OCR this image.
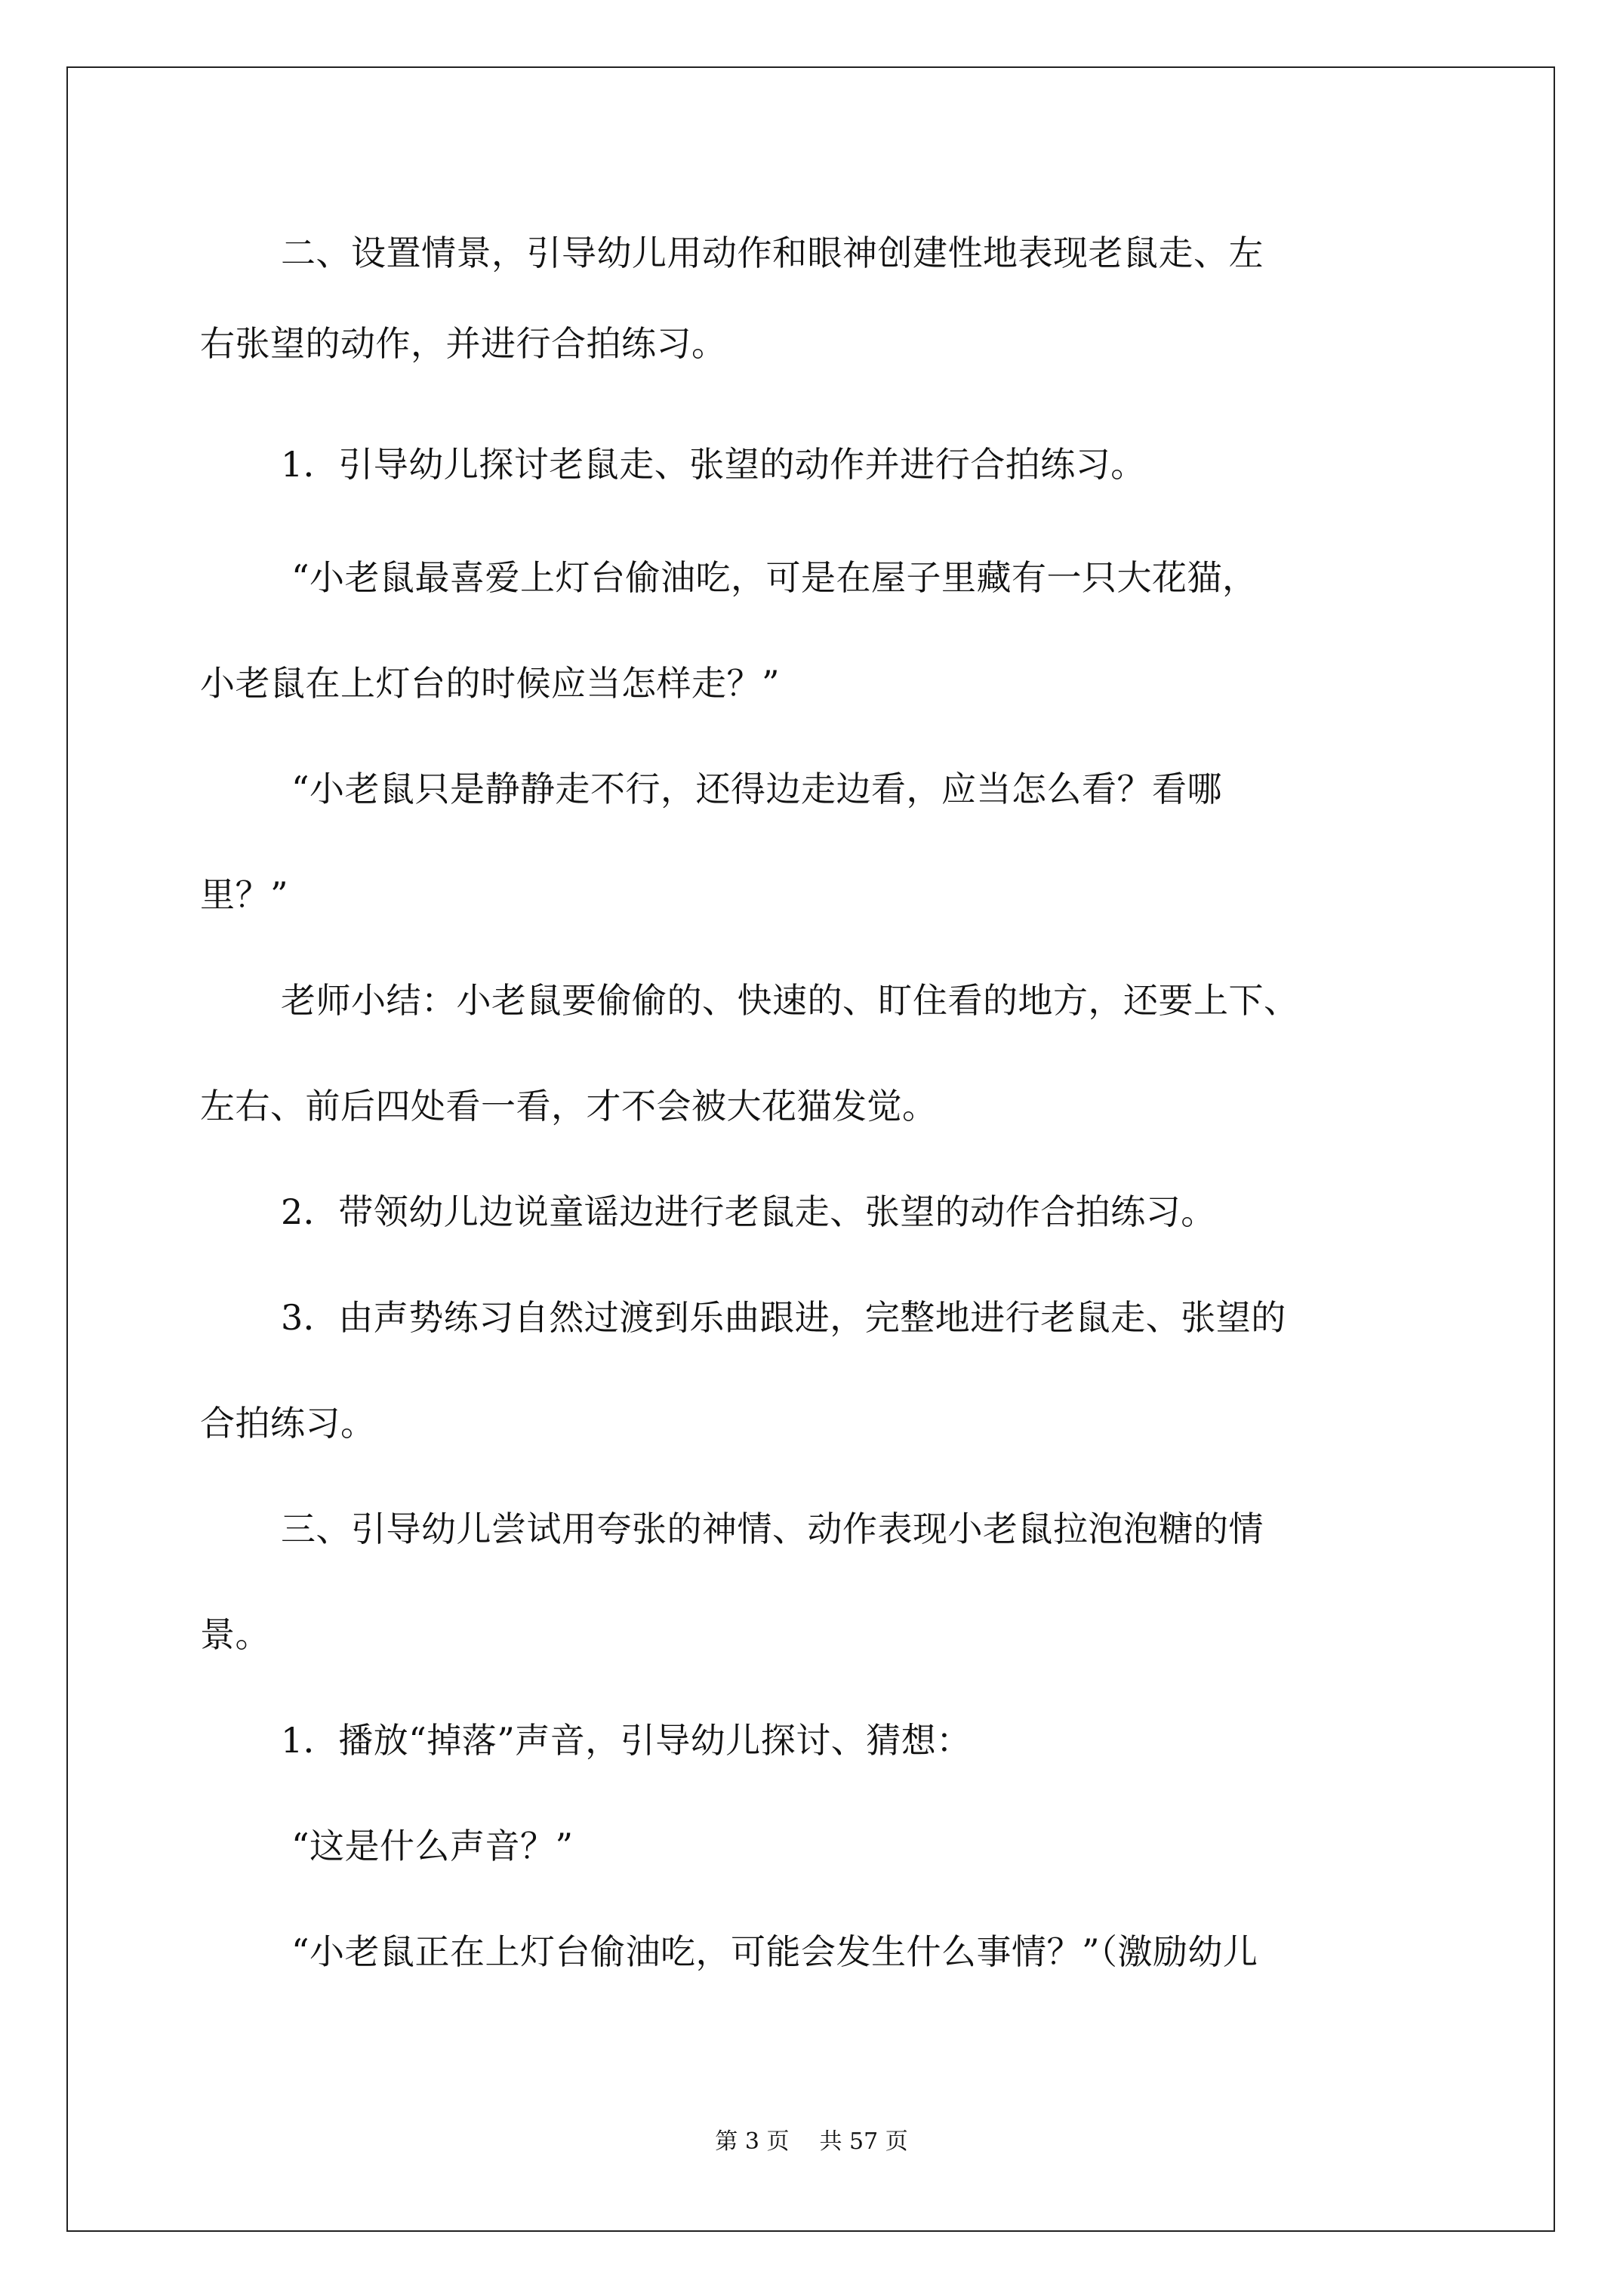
二、设置情景，引导幼儿用动作和眼神创建性地表现老鼠走、左

右张望的动作，并进行合拍练习。

1．引导幼儿探讨老鼠走、张望的动作并进行合拍练习。

“小老鼠最喜爱上灯台偷油吃，可是在屋子里藏有一只大花猫，

小老鼠在上灯台的时候应当怎样走？”

“小老鼠只是静静走不行，还得边走边看，应当怎么看？看哪

里？”

老师小结：小老鼠要偷偷的、快速的、盯住看的地方，还要上下、

左右、前后四处看一看，才不会被大花猫发觉。

2．带领幼儿边说童谣边进行老鼠走、张望的动作合拍练习。

3．由声势练习自然过渡到乐曲跟进，完整地进行老鼠走、张望的

合拍练习。

三、引导幼儿尝试用夸张的神情、动作表现小老鼠拉泡泡糖的情

景。

1．播放“掉落”声音，引导幼儿探讨、猜想：

“这是什么声音？”

“小老鼠正在上灯台偷油吃，可能会发生什么事情？”（激励幼儿

第 3 页 共 57 页
